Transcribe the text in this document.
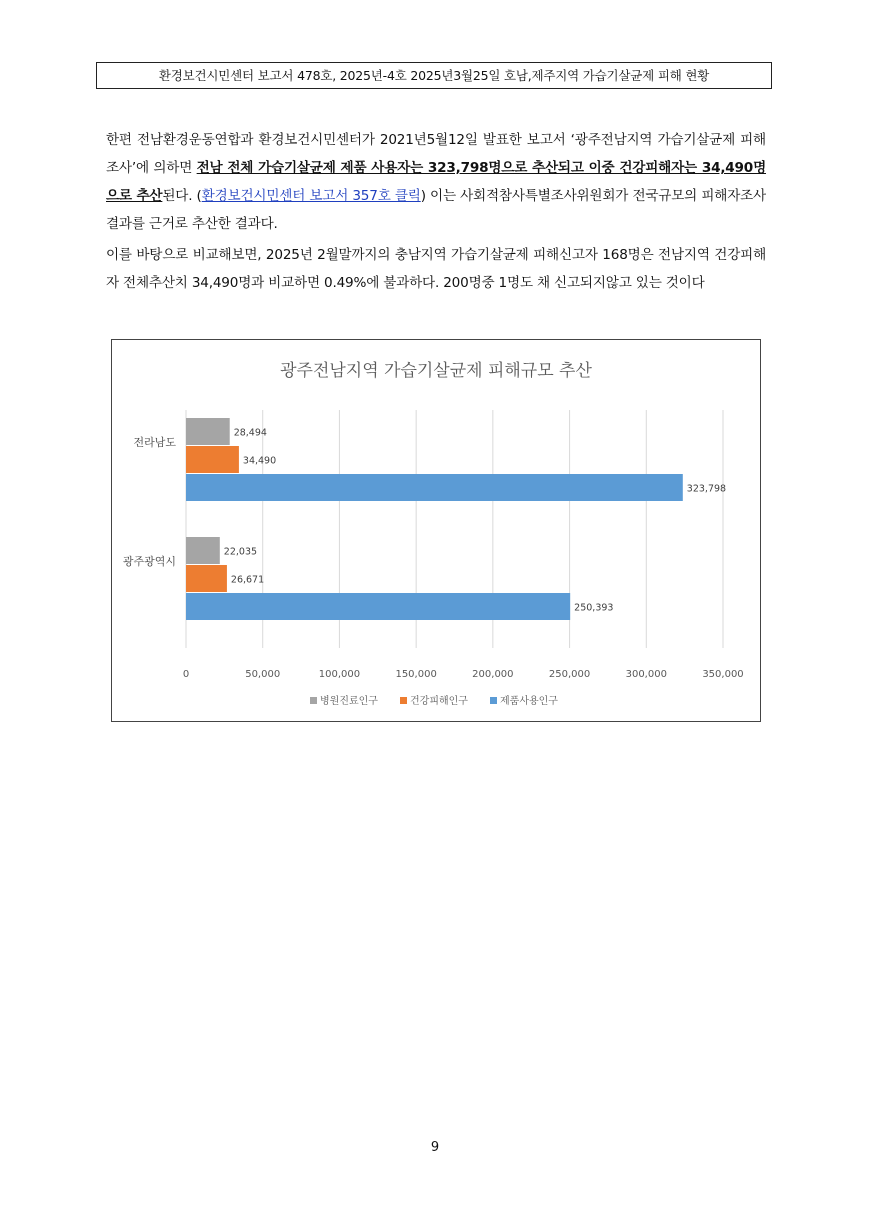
환경보건시민센터 보고서 478호, 2025년-4호 2025년3월25일 호남,제주지역 가습기살균제 피해 현황
한편 전남환경운동연합과 환경보건시민센터가 2021년5월12일 발표한 보고서 ‘광주전남지역 가습기살균제 피해조사’에 의하면 전남 전체 가습기살균제 제품 사용자는 323,798명으로 추산되고 이중 건강피해자는 34,490명으로 추산된다. (환경보건시민센터 보고서 357호 클릭) 이는 사회적참사특별조사위원회가 전국규모의 피해자조사 결과를 근거로 추산한 결과다.
이를 바탕으로 비교해보면, 2025년 2월말까지의 충남지역 가습기살균제 피해신고자 168명은 전남지역 건강피해자 전체추산치 34,490명과 비교하면 0.49%에 불과하다. 200명중 1명도 채 신고되지않고 있는 것이다
광주전남지역 가습기살균제 피해규모 추산
0	50,000	100,000	150,000	200,000	250,000	300,000	350,000
28,494
34,490
323,798
전라남도
22,035
26,671
250,393
광주광역시
병원진료인구	건강피해인구	제품사용인구
9
